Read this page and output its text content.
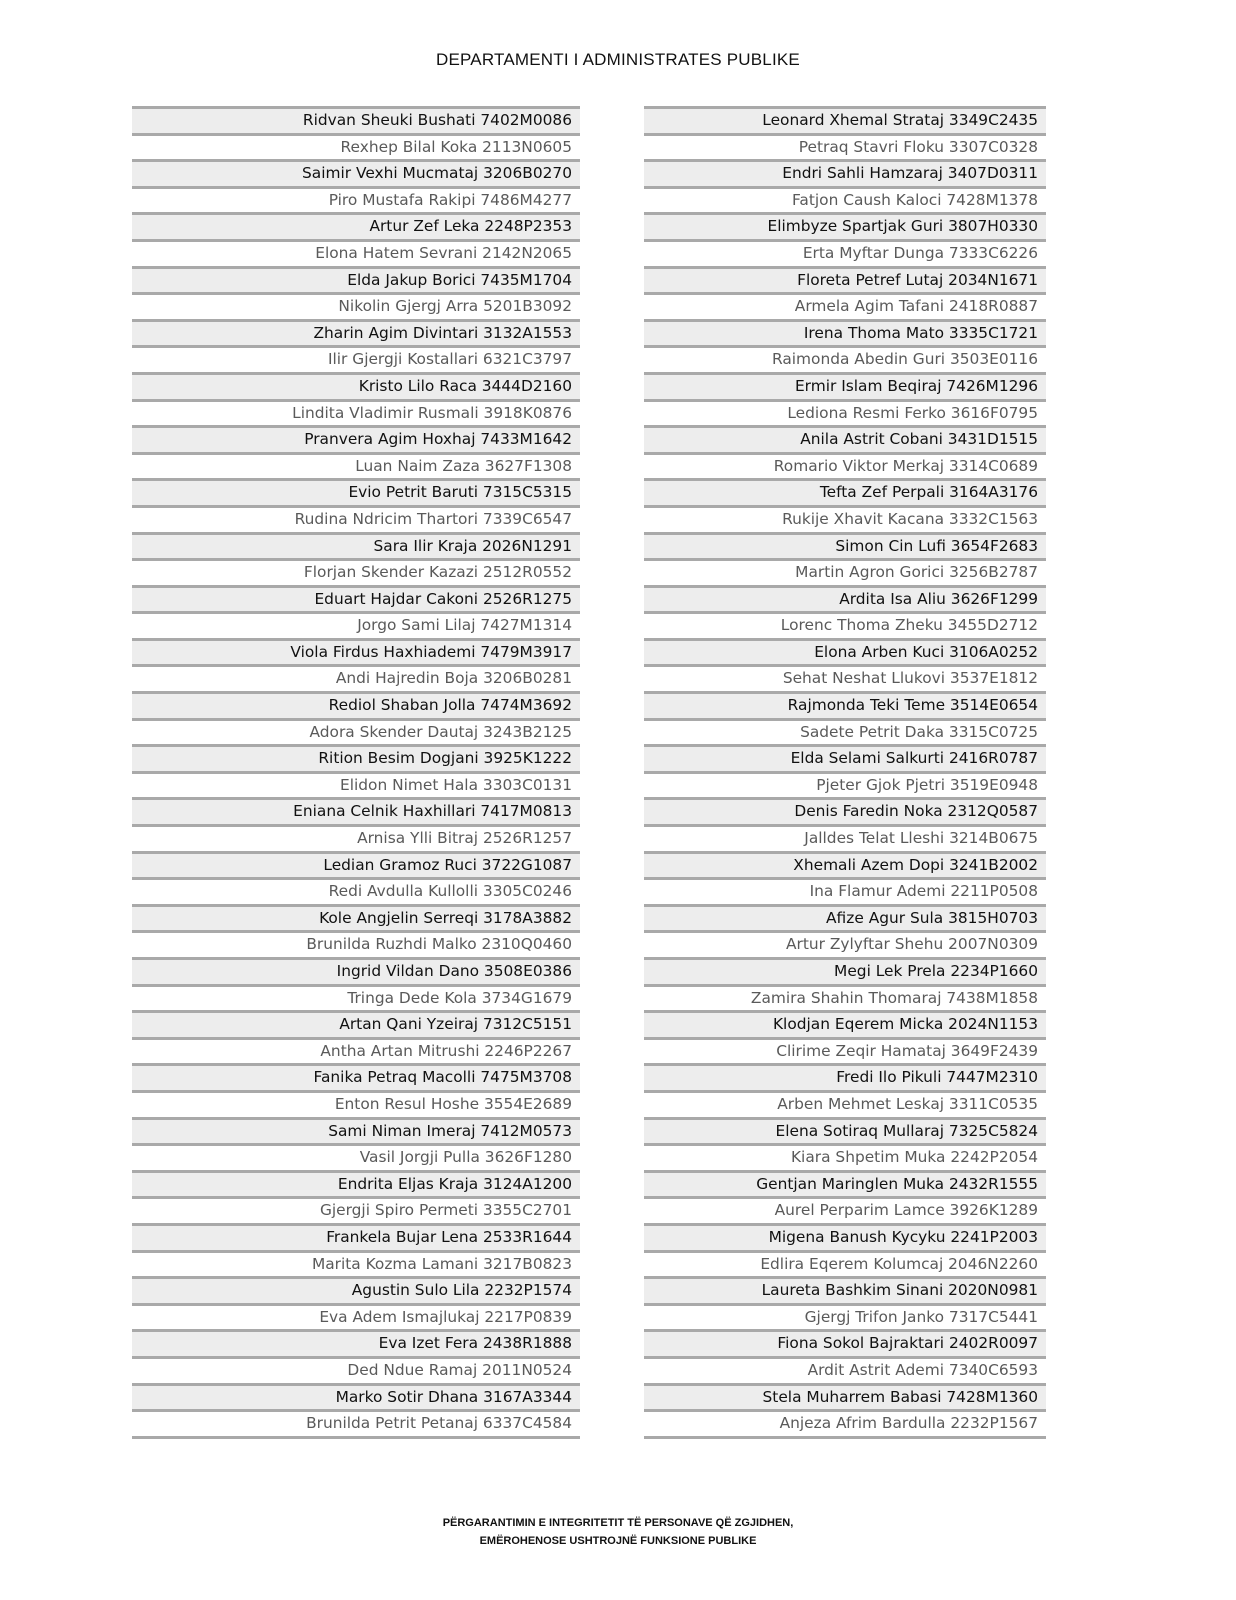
DEPARTAMENTI I ADMINISTRATES PUBLIKE
Ridvan Sheuki Bushati 7402M0086
Rexhep Bilal Koka 2113N0605
Saimir Vexhi Mucmataj 3206B0270
Piro Mustafa Rakipi 7486M4277
Artur Zef Leka 2248P2353
Elona Hatem Sevrani 2142N2065
Elda Jakup Borici 7435M1704
Nikolin Gjergj Arra 5201B3092
Zharin Agim Divintari 3132A1553
Ilir Gjergji Kostallari 6321C3797
Kristo Lilo Raca 3444D2160
Lindita Vladimir Rusmali 3918K0876
Pranvera Agim Hoxhaj 7433M1642
Luan Naim Zaza 3627F1308
Evio Petrit Baruti 7315C5315
Rudina Ndricim Thartori 7339C6547
Sara Ilir Kraja 2026N1291
Florjan Skender Kazazi 2512R0552
Eduart Hajdar Cakoni 2526R1275
Jorgo Sami Lilaj 7427M1314
Viola Firdus Haxhiademi 7479M3917
Andi Hajredin Boja 3206B0281
Rediol Shaban Jolla 7474M3692
Adora Skender Dautaj 3243B2125
Rition Besim Dogjani 3925K1222
Elidon Nimet Hala 3303C0131
Eniana Celnik Haxhillari 7417M0813
Arnisa Ylli Bitraj 2526R1257
Ledian Gramoz Ruci 3722G1087
Redi Avdulla Kullolli 3305C0246
Kole Angjelin Serreqi 3178A3882
Brunilda Ruzhdi Malko 2310Q0460
Ingrid Vildan Dano 3508E0386
Tringa Dede Kola 3734G1679
Artan Qani Yzeiraj 7312C5151
Antha Artan Mitrushi 2246P2267
Fanika Petraq Macolli 7475M3708
Enton Resul Hoshe 3554E2689
Sami Niman Imeraj 7412M0573
Vasil Jorgji Pulla 3626F1280
Endrita Eljas Kraja 3124A1200
Gjergji Spiro Permeti 3355C2701
Frankela Bujar Lena 2533R1644
Marita Kozma Lamani 3217B0823
Agustin Sulo Lila 2232P1574
Eva Adem Ismajlukaj 2217P0839
Eva Izet Fera 2438R1888
Ded Ndue Ramaj 2011N0524
Marko Sotir Dhana 3167A3344
Brunilda Petrit Petanaj 6337C4584
Leonard Xhemal Strataj 3349C2435
Petraq Stavri Floku 3307C0328
Endri Sahli Hamzaraj 3407D0311
Fatjon Caush Kaloci 7428M1378
Elimbyze Spartjak Guri 3807H0330
Erta Myftar Dunga 7333C6226
Floreta Petref Lutaj 2034N1671
Armela Agim Tafani 2418R0887
Irena Thoma Mato 3335C1721
Raimonda Abedin Guri 3503E0116
Ermir Islam Beqiraj 7426M1296
Lediona Resmi Ferko 3616F0795
Anila Astrit Cobani 3431D1515
Romario Viktor Merkaj 3314C0689
Tefta Zef Perpali 3164A3176
Rukije Xhavit Kacana 3332C1563
Simon Cin Lufi 3654F2683
Martin Agron Gorici 3256B2787
Ardita Isa Aliu 3626F1299
Lorenc Thoma Zheku 3455D2712
Elona Arben Kuci 3106A0252
Sehat Neshat Llukovi 3537E1812
Rajmonda Teki Teme 3514E0654
Sadete Petrit Daka 3315C0725
Elda Selami Salkurti 2416R0787
Pjeter Gjok Pjetri 3519E0948
Denis Faredin Noka 2312Q0587
Jalldes Telat Lleshi 3214B0675
Xhemali Azem Dopi 3241B2002
Ina Flamur Ademi 2211P0508
Afize Agur Sula 3815H0703
Artur Zylyftar Shehu 2007N0309
Megi Lek Prela 2234P1660
Zamira Shahin Thomaraj 7438M1858
Klodjan Eqerem Micka 2024N1153
Clirime Zeqir Hamataj 3649F2439
Fredi Ilo Pikuli 7447M2310
Arben Mehmet Leskaj 3311C0535
Elena Sotiraq Mullaraj 7325C5824
Kiara Shpetim Muka 2242P2054
Gentjan Maringlen Muka 2432R1555
Aurel Perparim Lamce 3926K1289
Migena Banush Kycyku 2241P2003
Edlira Eqerem Kolumcaj 2046N2260
Laureta Bashkim Sinani 2020N0981
Gjergj Trifon Janko 7317C5441
Fiona Sokol Bajraktari 2402R0097
Ardit Astrit Ademi 7340C6593
Stela Muharrem Babasi 7428M1360
Anjeza Afrim Bardulla 2232P1567
PËRGARANTIMIN E INTEGRITETIT TË PERSONAVE QË ZGJIDHEN,
EMËROHENOSE USHTROJNË FUNKSIONE PUBLIKE
